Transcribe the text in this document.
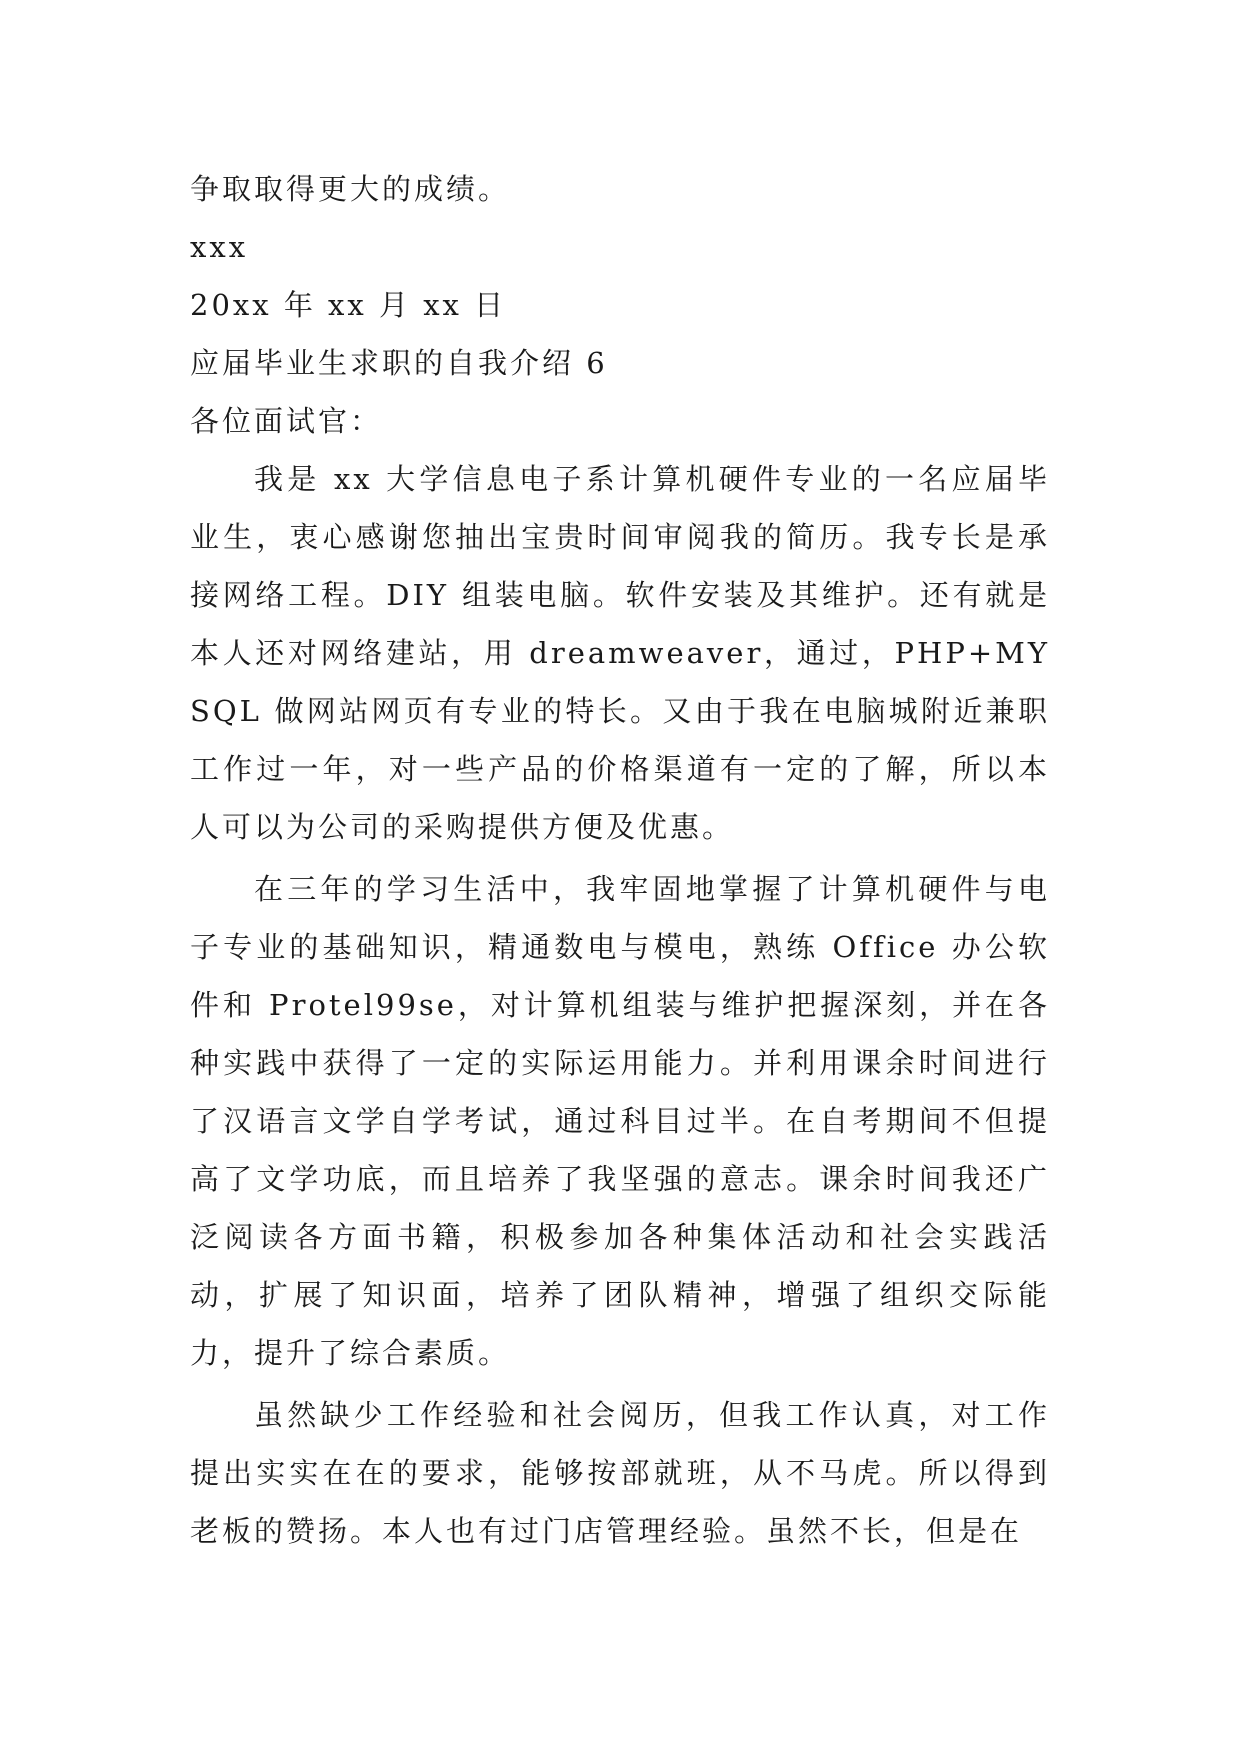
争取取得更大的成绩。

xxx

20xx 年 xx 月 xx 日

应届毕业生求职的自我介绍 6

各位面试官：

我是 xx 大学信息电子系计算机硬件专业的一名应届毕业生，衷心感谢您抽出宝贵时间审阅我的简历。我专长是承接网络工程。DIY 组装电脑。软件安装及其维护。还有就是本人还对网络建站，用 dreamweaver，通过，PHP+MYSQL 做网站网页有专业的特长。又由于我在电脑城附近兼职工作过一年，对一些产品的价格渠道有一定的了解，所以本人可以为公司的采购提供方便及优惠。

在三年的学习生活中，我牢固地掌握了计算机硬件与电子专业的基础知识，精通数电与模电，熟练 Office 办公软件和 Protel99se，对计算机组装与维护把握深刻，并在各种实践中获得了一定的实际运用能力。并利用课余时间进行了汉语言文学自学考试，通过科目过半。在自考期间不但提高了文学功底，而且培养了我坚强的意志。课余时间我还广泛阅读各方面书籍，积极参加各种集体活动和社会实践活动，扩展了知识面，培养了团队精神，增强了组织交际能力，提升了综合素质。

虽然缺少工作经验和社会阅历，但我工作认真，对工作提出实实在在的要求，能够按部就班，从不马虎。所以得到老板的赞扬。本人也有过门店管理经验。虽然不长，但是在
